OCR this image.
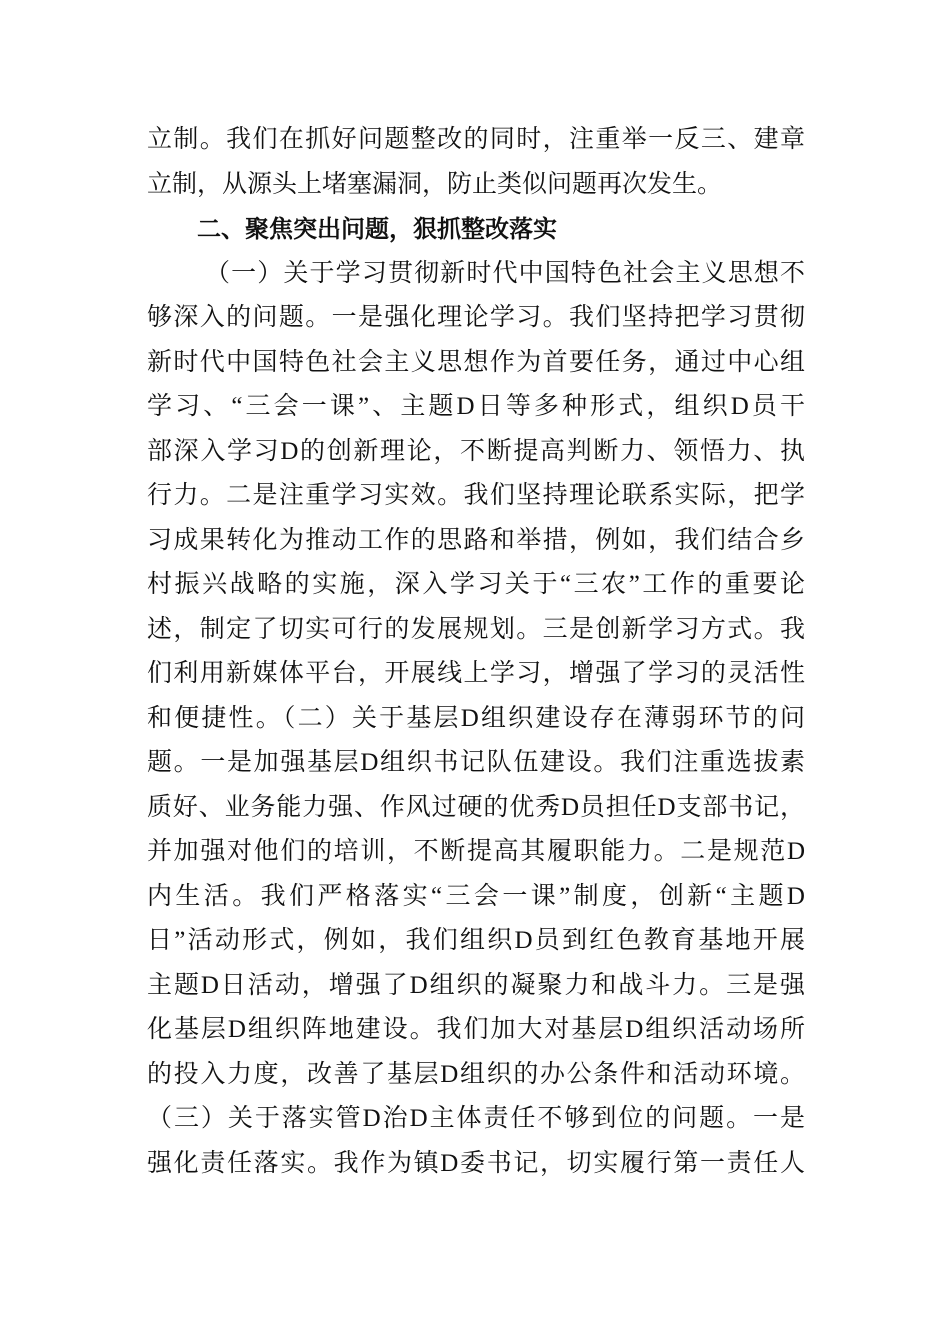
立制。我们在抓好问题整改的同时，注重举一反三、建章
立制，从源头上堵塞漏洞，防止类似问题再次发生。
二、聚焦突出问题，狠抓整改落实
（一）关于学习贯彻新时代中国特色社会主义思想不
够深入的问题。一是强化理论学习。我们坚持把学习贯彻
新时代中国特色社会主义思想作为首要任务，通过中心组
学习、“三会一课”、主题D日等多种形式，组织D员干
部深入学习D的创新理论，不断提高判断力、领悟力、执
行力。二是注重学习实效。我们坚持理论联系实际，把学
习成果转化为推动工作的思路和举措，例如，我们结合乡
村振兴战略的实施，深入学习关于“三农”工作的重要论
述，制定了切实可行的发展规划。三是创新学习方式。我
们利用新媒体平台，开展线上学习，增强了学习的灵活性
和便捷性。（二）关于基层D组织建设存在薄弱环节的问
题。一是加强基层D组织书记队伍建设。我们注重选拔素
质好、业务能力强、作风过硬的优秀D员担任D支部书记，
并加强对他们的培训，不断提高其履职能力。二是规范D
内生活。我们严格落实“三会一课”制度，创新“主题D
日”活动形式，例如，我们组织D员到红色教育基地开展
主题D日活动，增强了D组织的凝聚力和战斗力。三是强
化基层D组织阵地建设。我们加大对基层D组织活动场所
的投入力度，改善了基层D组织的办公条件和活动环境。
（三）关于落实管D治D主体责任不够到位的问题。一是
强化责任落实。我作为镇D委书记，切实履行第一责任人
